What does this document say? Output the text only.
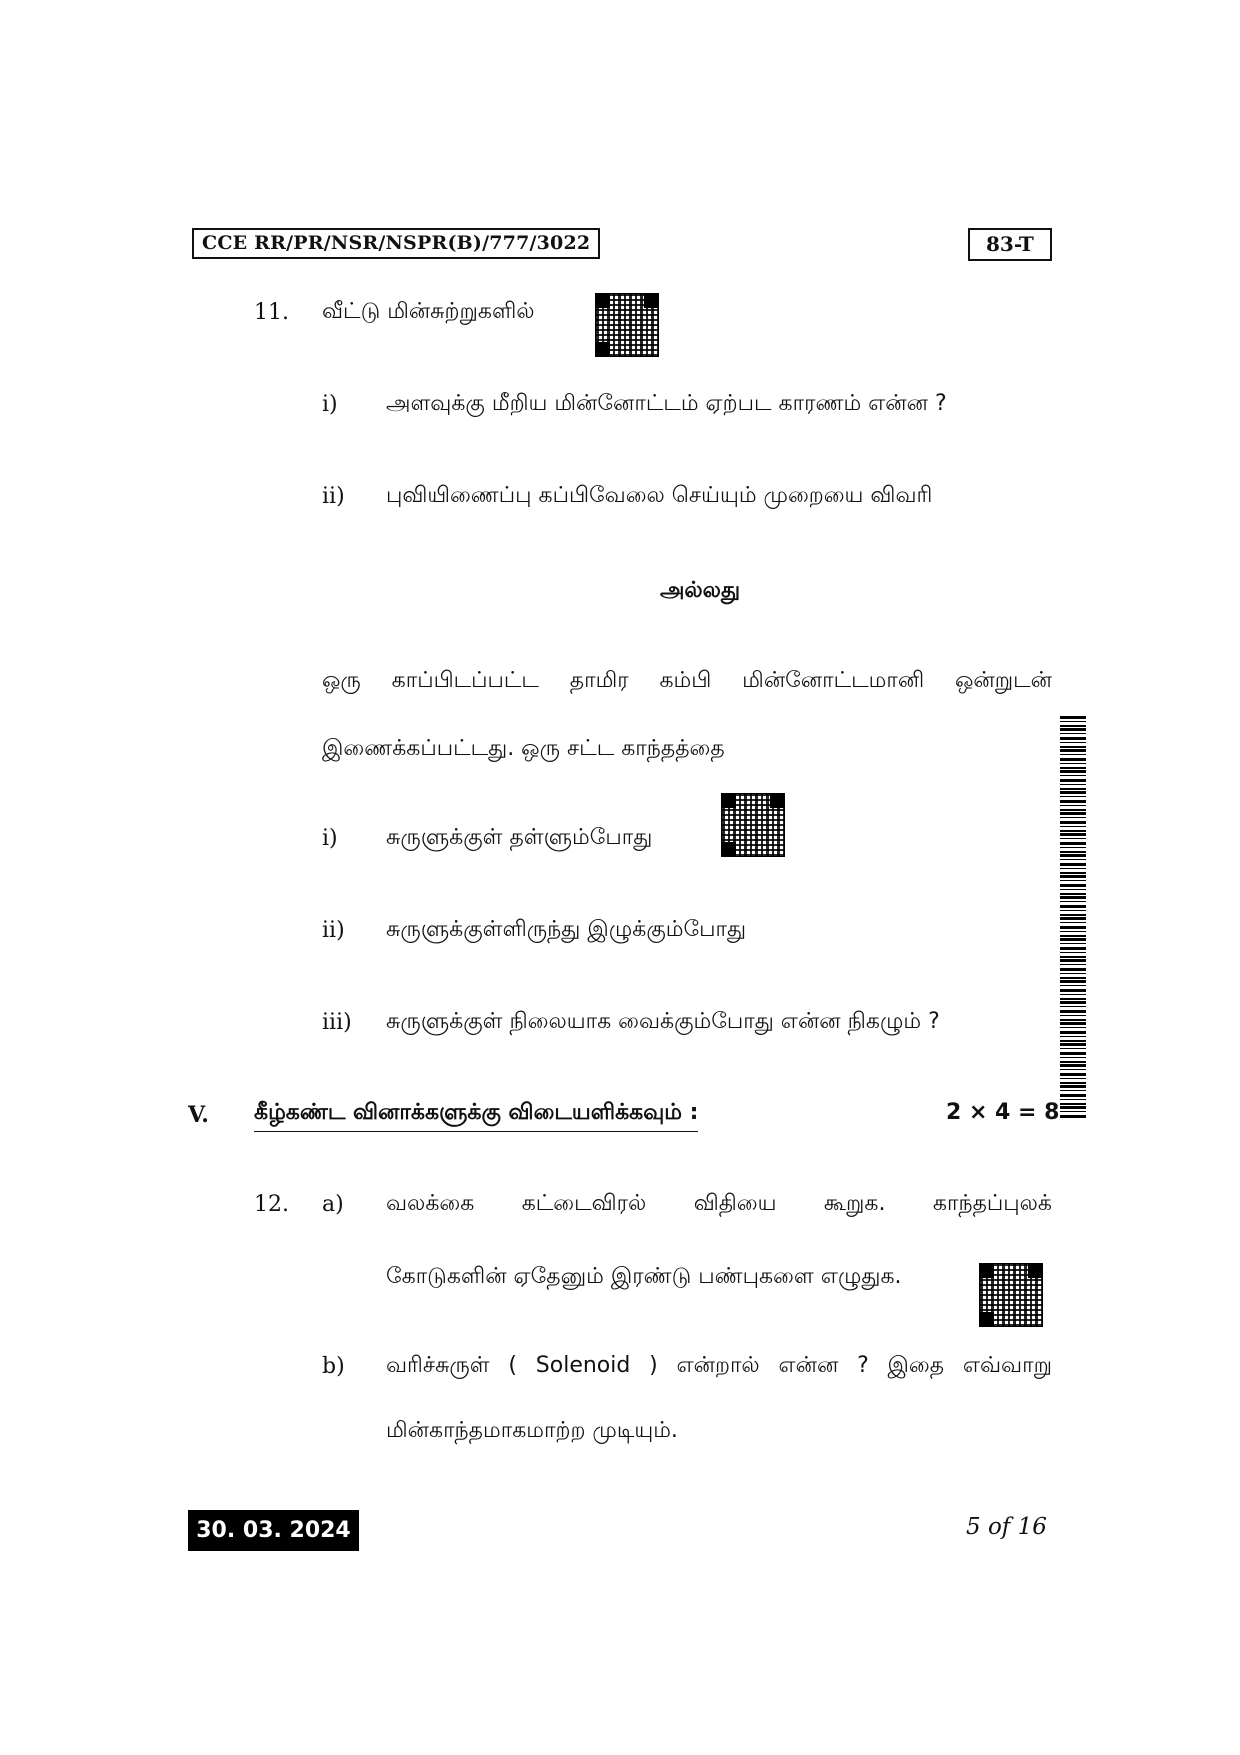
CCE RR/PR/NSR/NSPR(B)/777/3022	83-T
11. வீட்டு மின்சுற்றுகளில்
i) அளவுக்கு மீறிய மின்னோட்டம் ஏற்பட காரணம் என்ன ?
ii) புவியிணைப்பு கப்பிவேலை செய்யும் முறையை விவரி
அல்லது
ஒரு காப்பிடப்பட்ட தாமிர கம்பி மின்னோட்டமானி ஒன்றுடன்
இணைக்கப்பட்டது. ஒரு சட்ட காந்தத்தை
i) சுருளுக்குள் தள்ளும்போது
ii) சுருளுக்குள்ளிருந்து இழுக்கும்போது
iii) சுருளுக்குள் நிலையாக வைக்கும்போது என்ன நிகழும் ?
V. கீழ்கண்ட வினாக்களுக்கு விடையளிக்கவும் :	2 × 4 = 8
12. a) வலக்கை கட்டைவிரல் விதியை கூறுக. காந்தப்புலக்
கோடுகளின் ஏதேனும் இரண்டு பண்புகளை எழுதுக.
b) வரிச்சுருள் ( Solenoid ) என்றால் என்ன ? இதை எவ்வாறு
மின்காந்தமாகமாற்ற முடியும்.
30. 03. 2024	5 of 16
